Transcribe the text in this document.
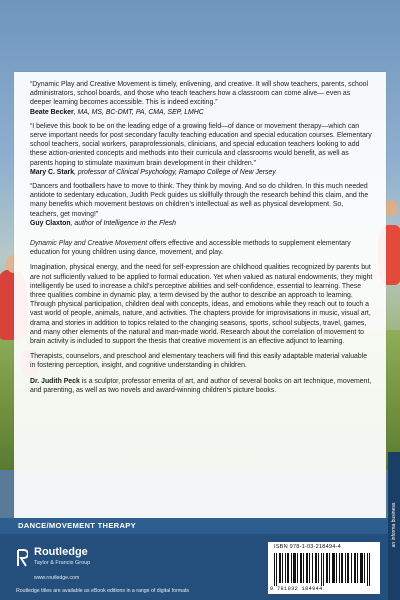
“Dynamic Play and Creative Movement is timely, enlivening, and creative. It will show teachers, parents, school administrators, school boards, and those who teach teachers how a classroom can come alive— even as deeper learning becomes accessible. This is indeed exciting.”
Beate Becker, MA, MS, BC-DMT, PA, CMA, SEP, LMHC

“I believe this book to be on the leading edge of a growing field—of dance or movement therapy—which can serve important needs for post secondary faculty teaching education and special education courses. Elementary school teachers, social workers, paraprofessionals, clinicians, and special education teachers looking to add these action-oriented concepts and methods into their curricula and classrooms would benefit, as well as parents hoping to stimulate maximum brain development in their children.”
Mary C. Stark, professor of Clinical Psychology, Ramapo College of New Jersey

“Dancers and footballers have to move to think. They think by moving. And so do children. In this much needed antidote to sedentary education, Judith Peck guides us skillfully through the research behind this claim, and the many benefits which movement bestows on children’s intellectual as well as physical development. So, teachers, get moving!”
Guy Claxton, author of Intelligence in the Flesh

Dynamic Play and Creative Movement offers effective and accessible methods to supplement elementary education for young children using dance, movement, and play.

Imagination, physical energy, and the need for self-expression are childhood qualities recognized by parents but are not sufficiently valued to be applied to formal education. Yet when valued as natural endowments, they might intelligently be used to increase a child’s perceptive abilities and self-confidence, essential to learning. These three qualities combine in dynamic play, a term devised by the author to describe an approach to learning. Through physical participation, children deal with concepts, ideas, and emotions while they reach out to touch a vast world of people, animals, nature, and activities. The chapters provide for improvisations in music, visual art, drama and stories in addition to topics related to the changing seasons, sports, school subjects, travel, games, and many other elements of the natural and man-made world. Research about the correlation of movement to brain activity is included to support the thesis that creative movement is an effective adjunct to learning.

Therapists, counselors, and preschool and elementary teachers will find this easily adaptable material valuable in fostering perception, insight, and cognitive understanding in children.

Dr. Judith Peck is a sculptor, professor emerita of art, and author of several books on art technique, movement, and parenting, as well as two novels and award-winning children’s picture books.

DANCE/MOVEMENT THERAPY
Routledge
Taylor & Francis Group
www.routledge.com
Routledge titles are available as eBook editions in a range of digital formats
ISBN 978-1-03-218494-4
9 781032 184944
an informa business
